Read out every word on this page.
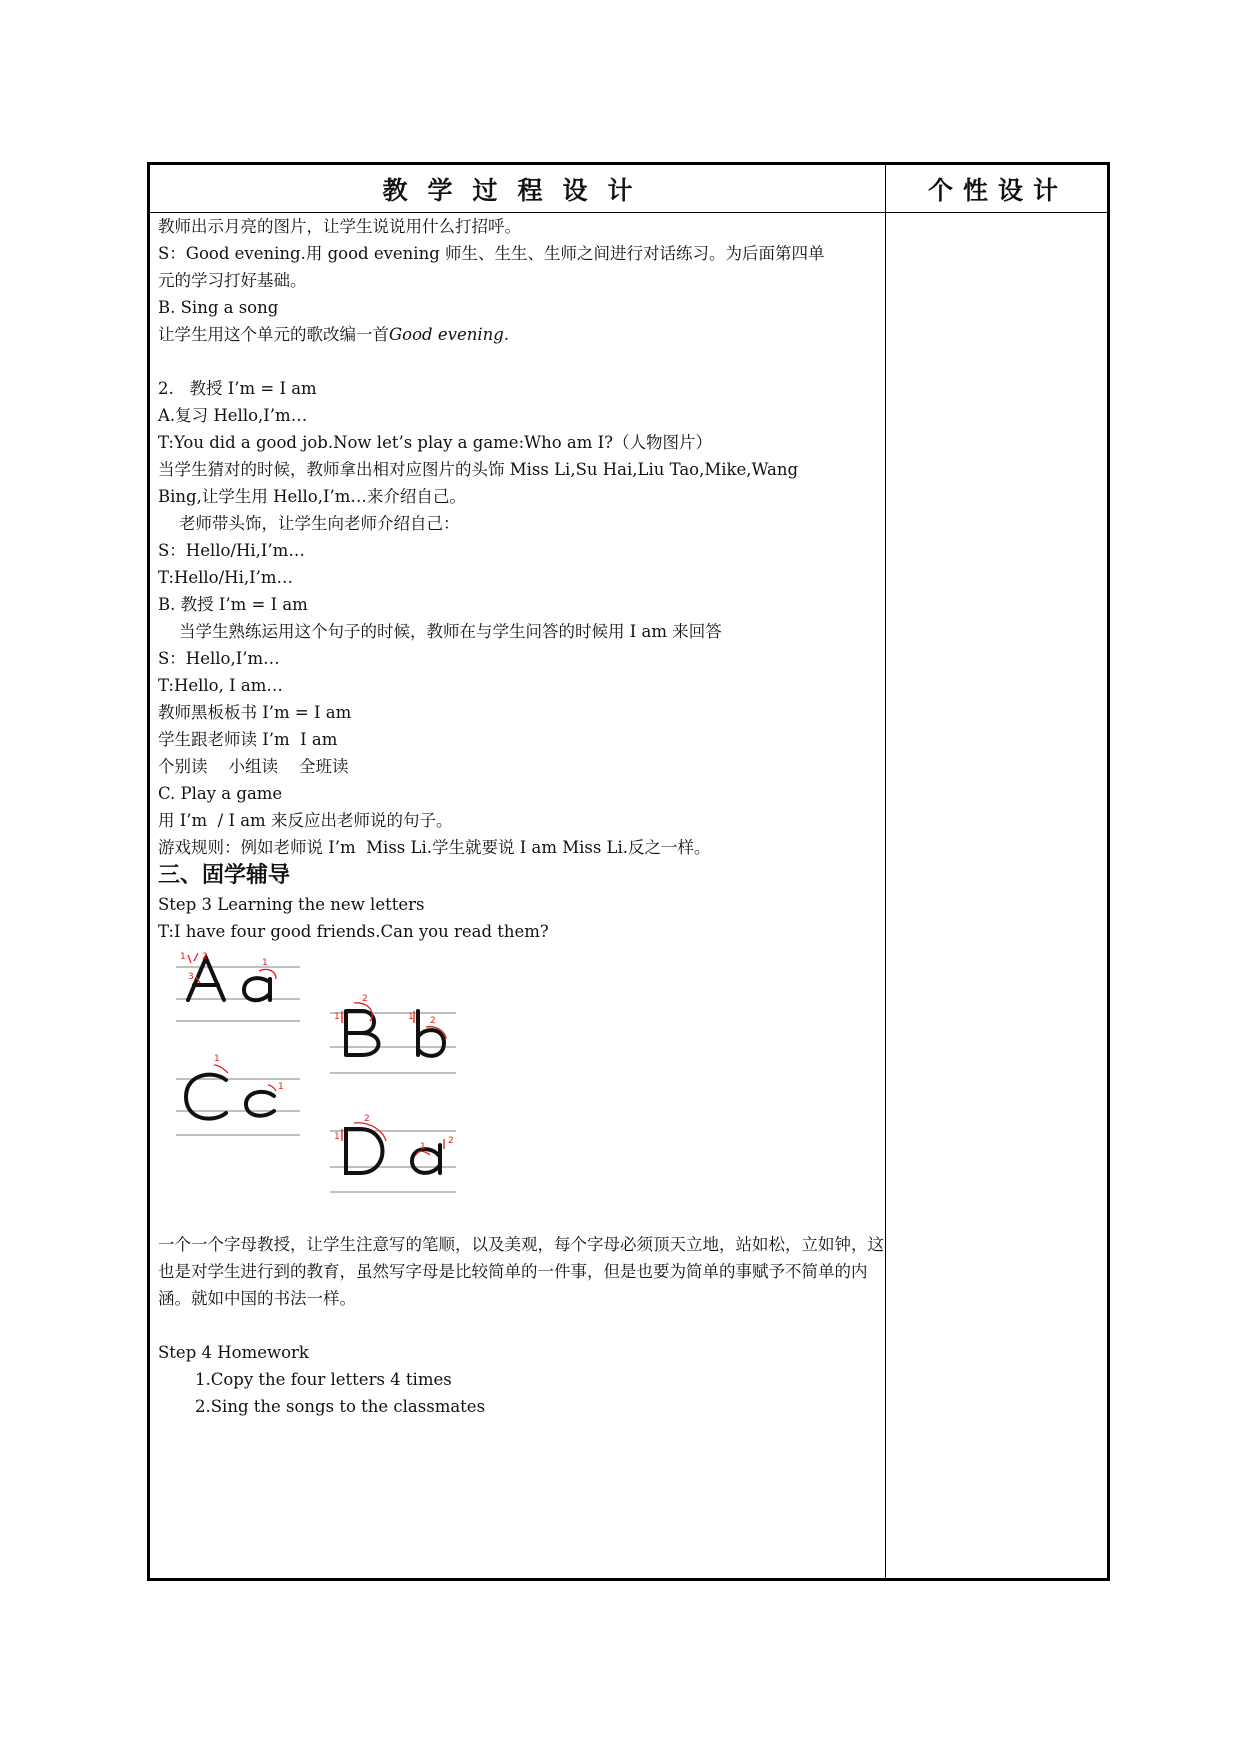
教学过程设计	个性设计

教师出示月亮的图片，让学生说说用什么打招呼。

S：Good evening.用 good evening 师生、生生、生师之间进行对话练习。为后面第四单

元的学习打好基础。

B. Sing a song

让学生用这个单元的歌改编一首Good evening.

2.   教授 I’m = I am

A.复习 Hello,I’m…

T:You did a good job.Now let’s play a game:Who am I?（人物图片）

当学生猜对的时候，教师拿出相对应图片的头饰 Miss Li,Su Hai,Liu Tao,Mike,Wang

Bing,让学生用 Hello,I’m…来介绍自己。

老师带头饰，让学生向老师介绍自己：

S：Hello/Hi,I’m…

T:Hello/Hi,I’m…

B. 教授 I’m = I am

当学生熟练运用这个句子的时候，教师在与学生问答的时候用 I am 来回答

S：Hello,I’m…

T:Hello, I am…

教师黑板板书 I’m = I am

学生跟老师读 I’m  I am

个别读    小组读    全班读

C. Play a game

用 I’m  / I am 来反应出老师说的句子。

游戏规则：例如老师说 I’m  Miss Li.学生就要说 I am Miss Li.反之一样。

三、固学辅导

Step 3 Learning the new letters

T:I have four good friends.Can you read them?

1 2
3
1
1
2
1 2
1
1
1
2
1
2

一个一个字母教授，让学生注意写的笔顺，以及美观，每个字母必须顶天立地，站如松，立如钟，这也是对学生进行到的教育，虽然写字母是比较简单的一件事，但是也要为简单的事赋予不简单的内涵。就如中国的书法一样。

Step 4 Homework

1.Copy the four letters 4 times

2.Sing the songs to the classmates
